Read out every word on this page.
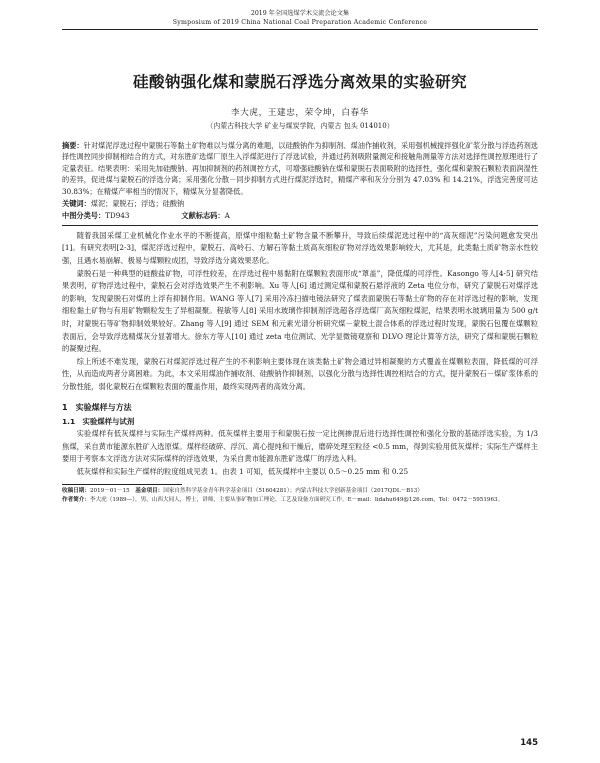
2019 年全国选煤学术交流会论文集
Symposium of 2019 China National Coal Preparation Academic Conference
硅酸钠强化煤和蒙脱石浮选分离效果的实验研究
李大虎，王建忠，荣令坤，白春华
（内蒙古科技大学 矿业与煤炭学院，内蒙古 包头 014010）
摘要：针对煤泥浮选过程中蒙脱石等黏土矿物难以与煤分离的难题，以硅酸钠作为抑制剂、煤油作捕收剂，采用强机械搅拌强化矿浆分散与浮选药剂选择性调控同步抑制相结合的方式，对东胜矿选煤厂原生入浮煤泥进行了浮选试验，并通过药剂吸附量测定和接触角测量等方法对选择性调控原理进行了定量表征。结果表明：采用先加硅酸钠、再加抑制剂的药剂调控方式，可增强硅酸钠在煤和蒙脱石表面吸附的选择性，强化煤和蒙脱石颗粒表面润湿性的差异，促进煤与蒙脱石的浮选分离；采用强化分散－同步抑制方式进行煤泥浮选时，精煤产率和灰分分别为 47.03% 和 14.21%，浮选完善度可达 30.83%；在精煤产率相当的情况下，精煤灰分显著降低。
关键词：煤泥；蒙脱石；浮选；硅酸钠
中图分类号：TD943	文献标志码：A

随着我国采煤工业机械化作业水平的不断提高，原煤中细粒黏土矿物含量不断攀升，导致后续煤泥选过程中的“高灰细泥”污染问题愈发突出[1]。有研究表明[2-3]，煤泥浮选过程中，蒙脱石、高岭石、方解石等黏土质高灰细粒矿物对浮选效果影响较大，尤其是，此类黏土质矿物亲水性较强，且遇水易崩解、极易与煤颗粒成团，导致浮选分离效果恶化。

蒙脱石是一种典型的硅酸盐矿物，可浮性较差，在浮选过程中易黏附在煤颗粒表面形成“罩盖”，降低煤的可浮性。Kasongo 等人[4-5] 研究结果表明，矿物浮选过程中，蒙脱石会对浮选效果产生不利影响。Xu 等人[6] 通过测定煤和蒙脱石悬浮液的 Zeta 电位分布，研究了蒙脱石对煤浮选的影响，发现蒙脱石对煤的上浮有抑制作用。WANG 等人[7] 采用冷冻扫描电镜法研究了煤表面蒙脱石等黏土矿物的存在对浮选过程的影响，发现细粒黏土矿物与有用矿物颗粒发生了异相凝聚。程敏等人[8] 采用水玻璃作抑制剂浮选超各浮选煤厂高灰细粒煤泥，结果表明水玻璃用量为 500 g/t 时，对蒙脱石等矿物抑制效果较好。Zhang 等人[9] 通过 SEM 和元素光谱分析研究煤－蒙脱土混合体系的浮选过程时发现，蒙脱石包覆在煤颗粒表面后，会导致浮选精煤灰分显著增大。徐东方等人[10] 通过 zeta 电位测试、光学显微镜观察和 DLVO 理论计算等方法，研究了煤和蒙脱石颗粒的凝聚过程。

综上所述不难发现，蒙脱石对煤泥浮选过程产生的不利影响主要体现在该类黏土矿物会通过异相凝聚的方式覆盖在煤颗粒表面，降低煤的可浮性，从而造成两者分离困难。为此，本文采用煤油作捕收剂、硅酸钠作抑制剂，以强化分散与选择性调控相结合的方式，提升蒙脱石－煤矿浆体系的分散性能，弱化蒙脱石在煤颗粒表面的覆盖作用，最终实现两者的高效分离。

1　实验煤样与方法
1.1　实验煤样与试剂

实验煤样有低灰煤样与实际生产煤样两种。低灰煤样主要用于和蒙脱石按一定比例掺混后进行选择性调控和强化分散的基础浮选实验，为 1/3 焦煤，采自黄市能源东胜矿入选原煤。煤样经破碎、浮沉、离心提纯和干燥后，磨碎处理至粒径 <0.5 mm，得到实验用低灰煤样；实际生产煤样主要用于考察本文浮选方法对实际煤样的浮选效果，为采自黄市能源东胜矿选煤厂的浮选入料。

低灰煤样和实际生产煤样的粒度组成见表 1。由表 1 可知，低灰煤样中主要以 0.5～0.25 mm 和 0.25

收稿日期：2019－01－15　 基金项目：国家自然科学基金青年科学基金项目（51604281）；内蒙古科技大学创新基金项目（2017QDL－B13）
作者简介：李大虎（1989—），男，山西大同人，博士，讲师，主要从事矿物加工理论、工艺及设备方面研究工作。E－mail：lidahu649@126.com，Tel：0472－5951963。
145
